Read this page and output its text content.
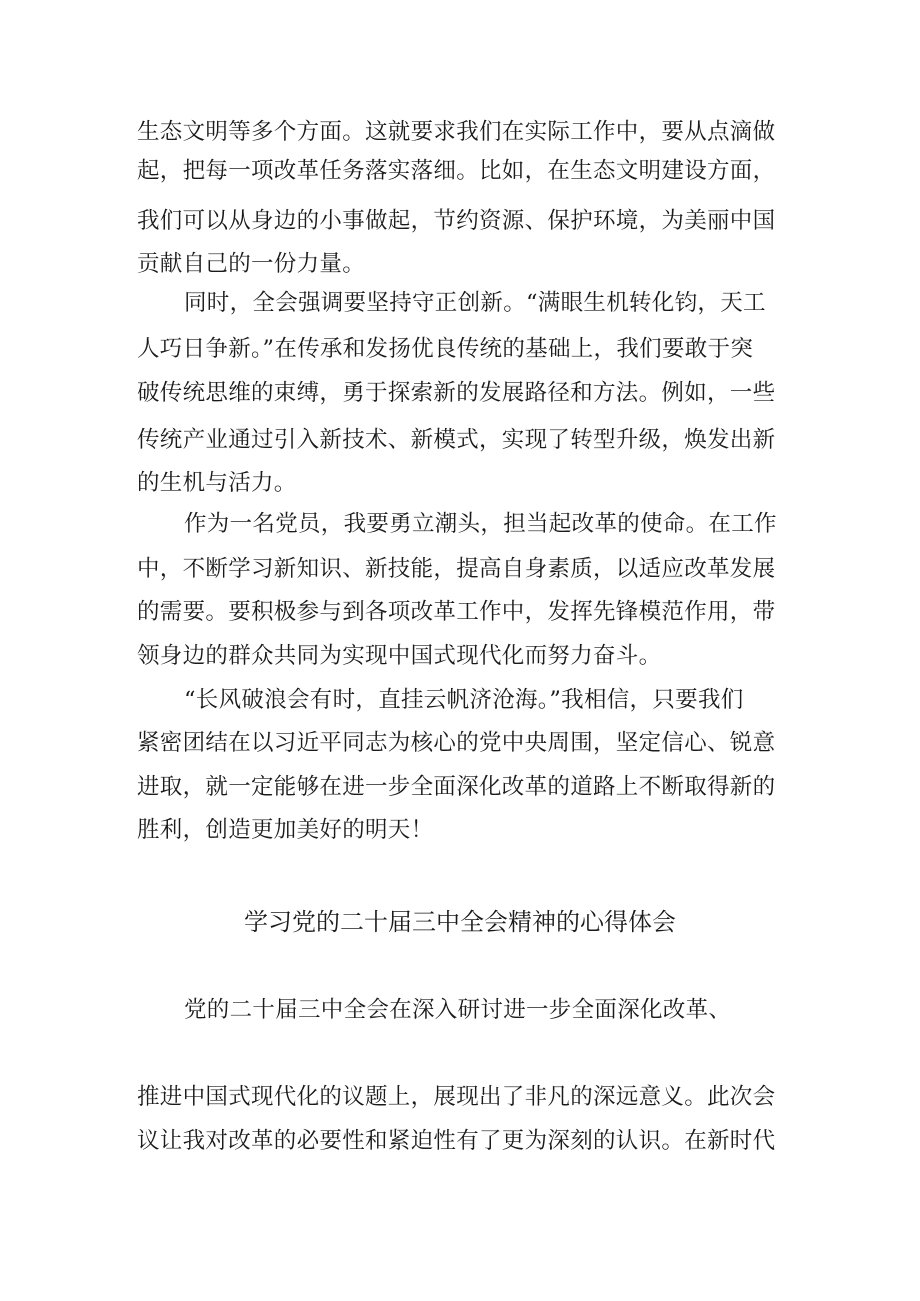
生态文明等多个方面。这就要求我们在实际工作中，要从点滴做
起，把每一项改革任务落实落细。比如，在生态文明建设方面，
我们可以从身边的小事做起，节约资源、保护环境，为美丽中国
贡献自己的一份力量。
同时，全会强调要坚持守正创新。“满眼生机转化钧，天工
人巧日争新。”在传承和发扬优良传统的基础上，我们要敢于突
破传统思维的束缚，勇于探索新的发展路径和方法。例如，一些
传统产业通过引入新技术、新模式，实现了转型升级，焕发出新
的生机与活力。
作为一名党员，我要勇立潮头，担当起改革的使命。在工作
中，不断学习新知识、新技能，提高自身素质，以适应改革发展
的需要。要积极参与到各项改革工作中，发挥先锋模范作用，带
领身边的群众共同为实现中国式现代化而努力奋斗。
“长风破浪会有时，直挂云帆济沧海。”我相信，只要我们
紧密团结在以习近平同志为核心的党中央周围，坚定信心、锐意
进取，就一定能够在进一步全面深化改革的道路上不断取得新的
胜利，创造更加美好的明天！
学习党的二十届三中全会精神的心得体会
党的二十届三中全会在深入研讨进一步全面深化改革、
推进中国式现代化的议题上，展现出了非凡的深远意义。此次会
议让我对改革的必要性和紧迫性有了更为深刻的认识。在新时代
